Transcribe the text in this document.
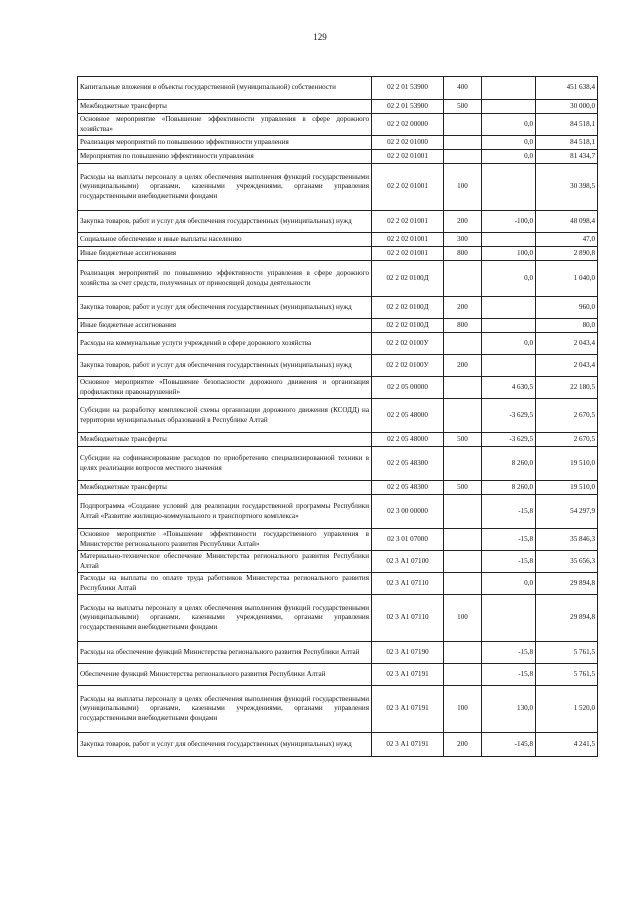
129
Капитальные вложения в объекты государственной (муниципальной) собственности	02 2 01 53900	400		451 638,4
Межбюджетные трансферты	02 2 01 53900	500		30 000,0
Основное мероприятие «Повышение эффективности управления в сфере дорожного хозяйства»	02 2 02 00000		0,0	84 518,1
Реализация мероприятий по повышению эффективности управления	02 2 02 01000		0,0	84 518,1
Мероприятия по повышению эффективности управления	02 2 02 01001		0,0	81 434,7
Расходы на выплаты персоналу в целях обеспечения выполнения функций государственными (муниципальными) органами, казенными учреждениями, органами управления государственными внебюджетными фондами	02 2 02 01001	100		30 398,5
Закупка товаров, работ и услуг для обеспечения государственных (муниципальных) нужд	02 2 02 01001	200	-100,0	48 098,4
Социальное обеспечение и иные выплаты населению	02 2 02 01001	300		47,0
Иные бюджетные ассигнования	02 2 02 01001	800	100,0	2 890,8
Реализация мероприятий по повышению эффективности управления в сфере дорожного хозяйства за счет средств, полученных от приносящей доходы деятельности	02 2 02 0100Д		0,0	1 040,0
Закупка товаров, работ и услуг для обеспечения государственных (муниципальных) нужд	02 2 02 0100Д	200		960,0
Иные бюджетные ассигнования	02 2 02 0100Д	800		80,0
Расходы на коммунальные услуги учреждений в сфере дорожного хозяйства	02 2 02 0100У		0,0	2 043,4
Закупка товаров, работ и услуг для обеспечения государственных (муниципальных) нужд	02 2 02 0100У	200		2 043,4
Основное мероприятие «Повышение безопасности дорожного движения и организация профилактики правонарушений»	02 2 05 00000		4 630,5	22 180,5
Субсидии на разработку комплексной схемы организации дорожного движения (КСОДД) на территории муниципальных образований в Республике Алтай	02 2 05 48000		-3 629,5	2 670,5
Межбюджетные трансферты	02 2 05 48000	500	-3 629,5	2 670,5
Субсидии на софинансирование расходов по приобретению специализированной техники в целях реализации вопросов местного значения	02 2 05 48300		8 260,0	19 510,0
Межбюджетные трансферты	02 2 05 48300	500	8 260,0	19 510,0
Подпрограмма «Создание условий для реализации государственной программы Республики Алтай «Развитие жилищно-коммунального и транспортного комплекса»	02 3 00 00000		-15,8	54 297,9
Основное мероприятие «Повышение эффективности государственного управления в Министерстве регионального развития Республики Алтай»	02 3 01 07000		-15,8	35 846,3
Материально-техническое обеспечение Министерства регионального развития Республики Алтай	02 3 А1 07100		-15,8	35 656,3
Расходы на выплаты по оплате труда работников Министерства регионального развития Республики Алтай	02 3 А1 07110		0,0	29 894,8
Расходы на выплаты персоналу в целях обеспечения выполнения функций государственными (муниципальными) органами, казенными учреждениями, органами управления государственными внебюджетными фондами	02 3 А1 07110	100		29 894,8
Расходы на обеспечение функций Министерства регионального развития Республики Алтай	02 3 А1 07190		-15,8	5 761,5
Обеспечение функций Министерства регионального развития Республики Алтай	02 3 А1 07191		-15,8	5 761,5
Расходы на выплаты персоналу в целях обеспечения выполнения функций государственными (муниципальными) органами, казенными учреждениями, органами управления государственными внебюджетными фондами	02 3 А1 07191	100	130,0	1 520,0
Закупка товаров, работ и услуг для обеспечения государственных (муниципальных) нужд	02 3 А1 07191	200	-145,8	4 241,5
